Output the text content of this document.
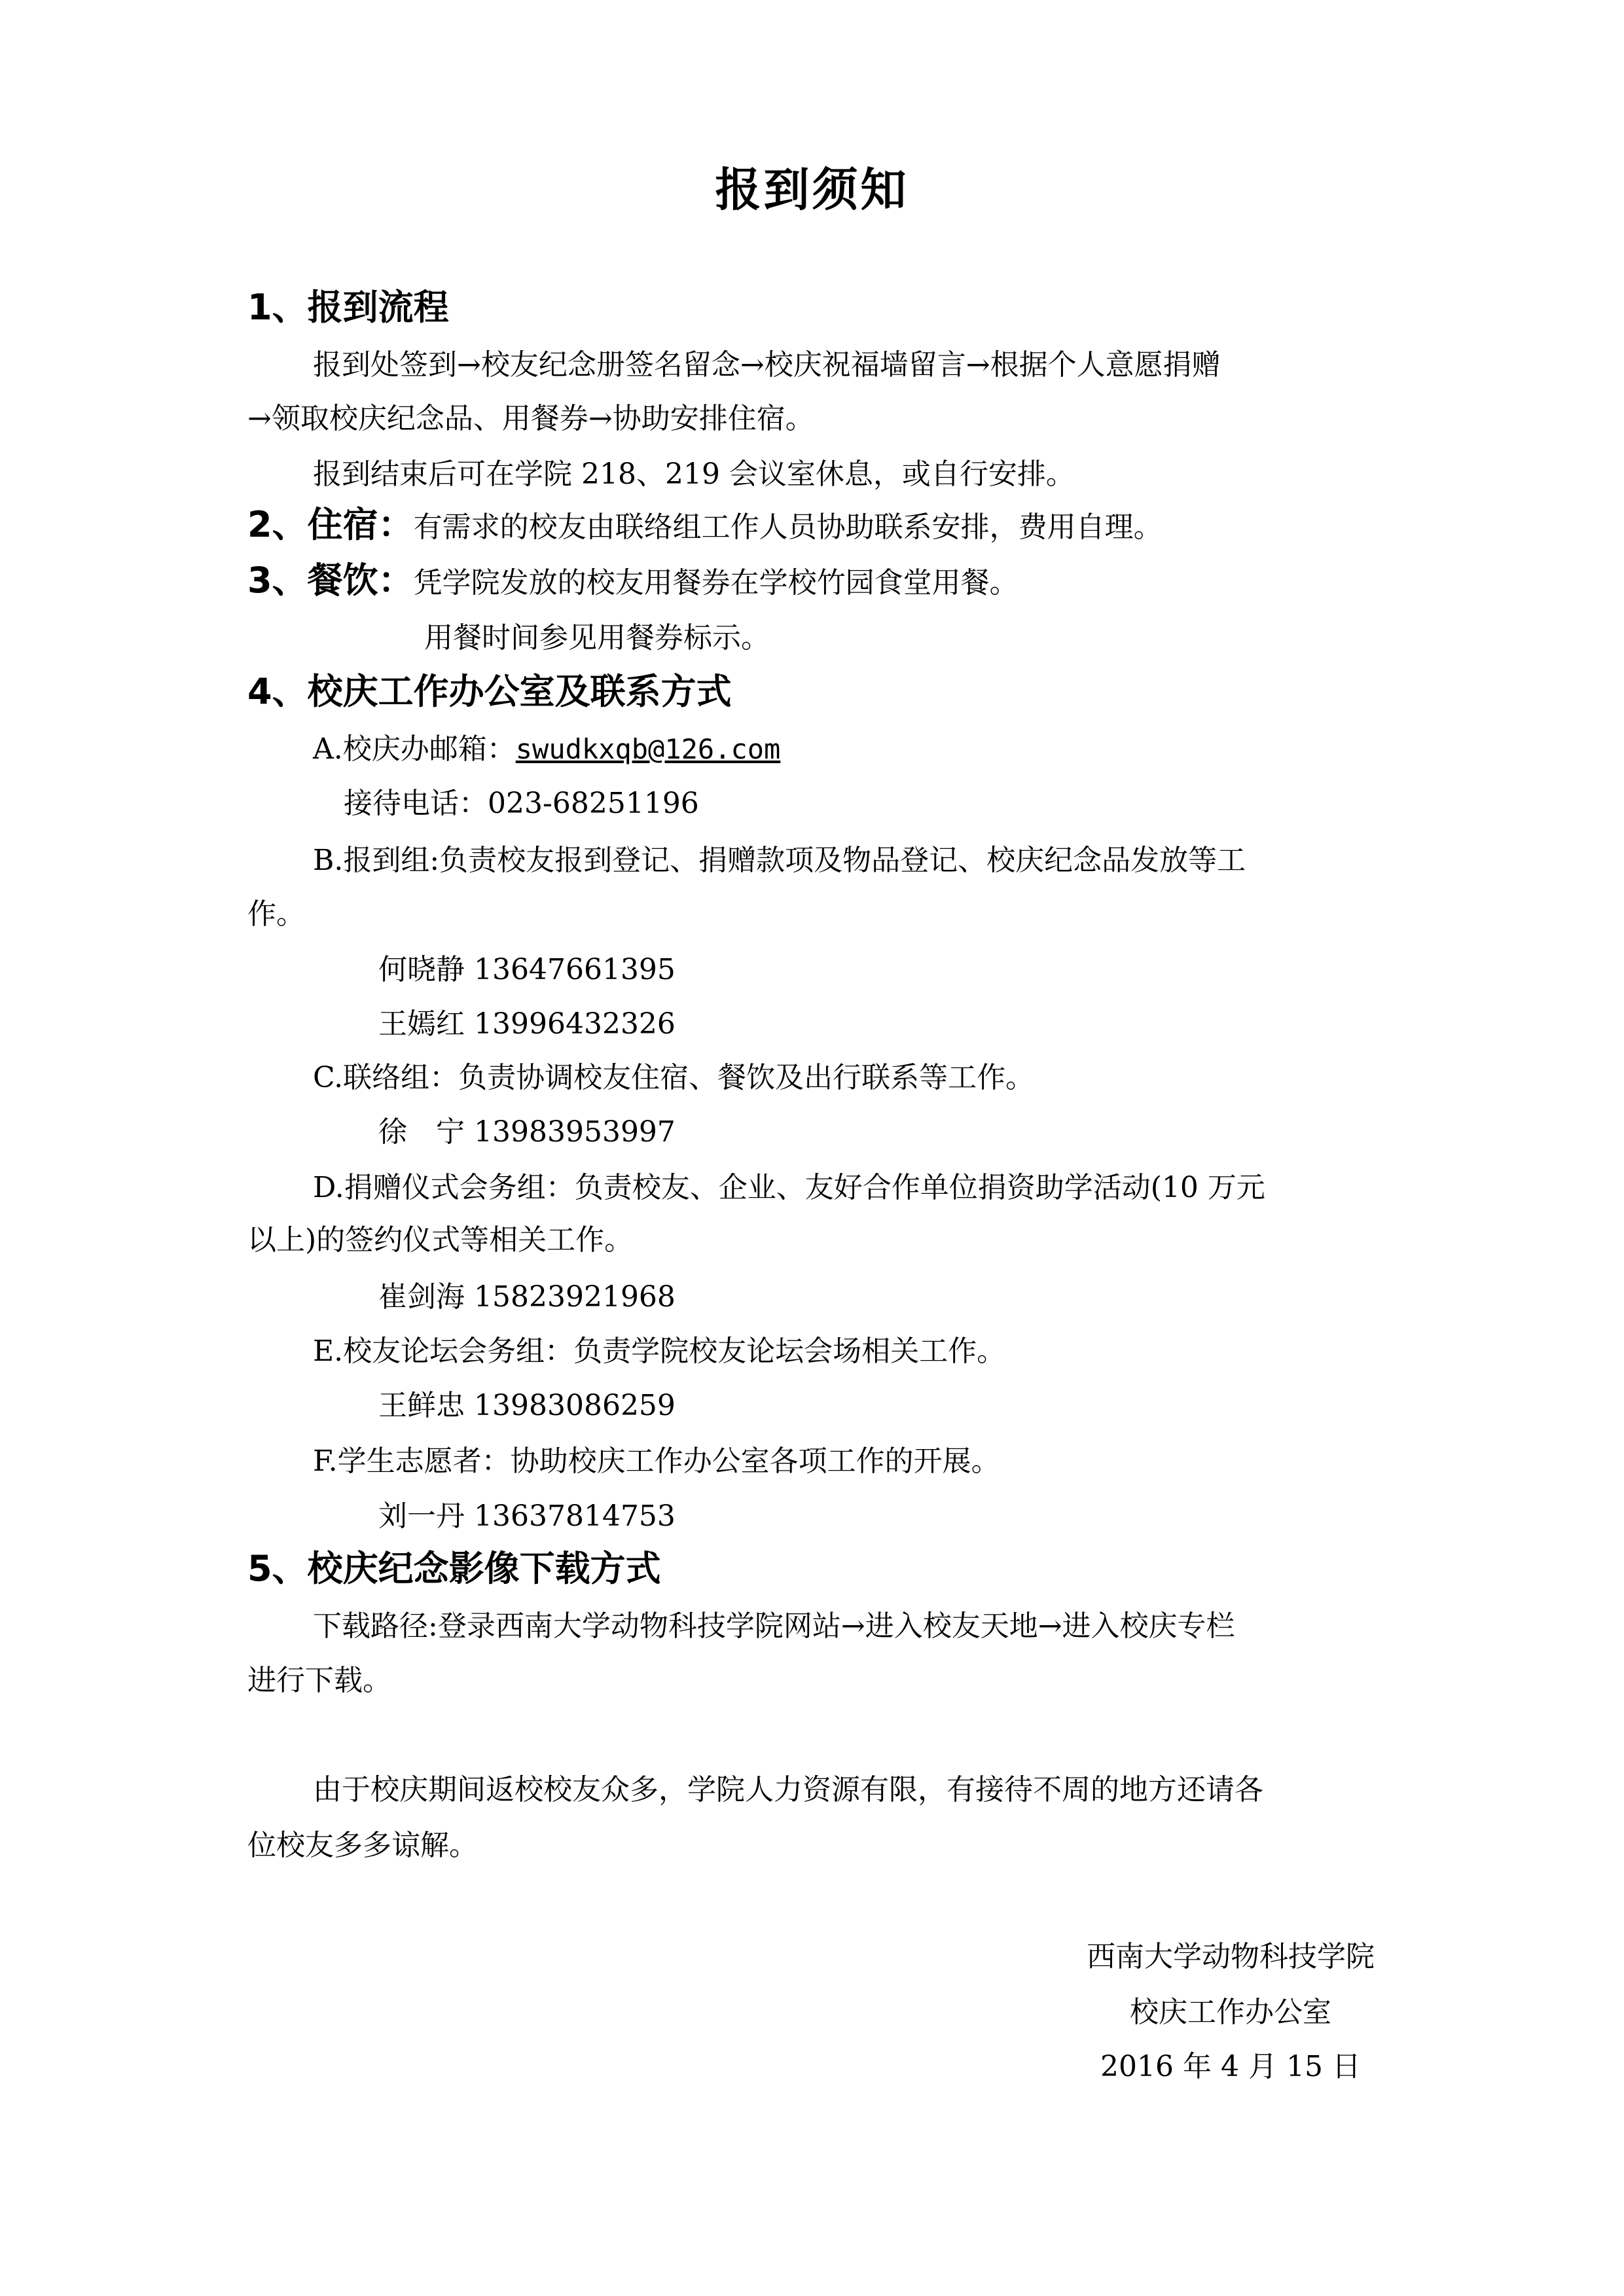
报到须知
1、报到流程
报到处签到→校友纪念册签名留念→校庆祝福墙留言→根据个人意愿捐赠
→领取校庆纪念品、用餐券→协助安排住宿。
报到结束后可在学院 218、219 会议室休息，或自行安排。
2、住宿：有需求的校友由联络组工作人员协助联系安排，费用自理。
3、餐饮：凭学院发放的校友用餐券在学校竹园食堂用餐。
用餐时间参见用餐券标示。
4、校庆工作办公室及联系方式
A.校庆办邮箱：swudkxqb@126.com
接待电话：023-68251196
B.报到组:负责校友报到登记、捐赠款项及物品登记、校庆纪念品发放等工
作。
何晓静 13647661395
王嫣红 13996432326
C.联络组：负责协调校友住宿、餐饮及出行联系等工作。
徐　宁 13983953997
D.捐赠仪式会务组：负责校友、企业、友好合作单位捐资助学活动(10 万元
以上)的签约仪式等相关工作。
崔剑海 15823921968
E.校友论坛会务组：负责学院校友论坛会场相关工作。
王鲜忠 13983086259
F.学生志愿者：协助校庆工作办公室各项工作的开展。
刘一丹 13637814753
5、校庆纪念影像下载方式
下载路径:登录西南大学动物科技学院网站→进入校友天地→进入校庆专栏
进行下载。
由于校庆期间返校校友众多，学院人力资源有限，有接待不周的地方还请各
位校友多多谅解。
西南大学动物科技学院
校庆工作办公室
2016 年 4 月 15 日
